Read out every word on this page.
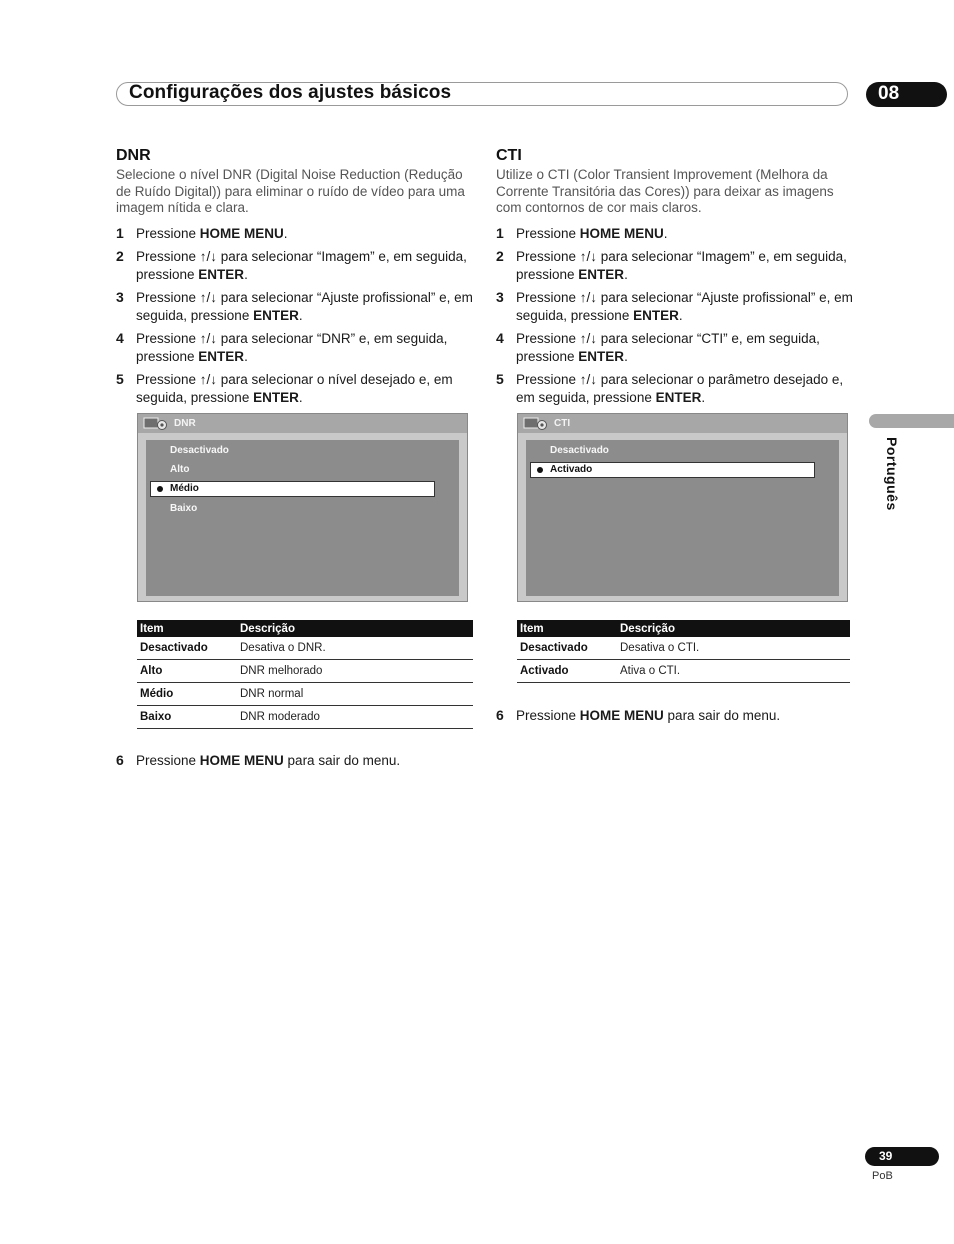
Configurações dos ajustes básicos	08
Português
DNR
Selecione o nível DNR (Digital Noise Reduction (Redução de Ruído Digital)) para eliminar o ruído de vídeo para uma imagem nítida e clara.
1 Pressione HOME MENU.
2 Pressione ↑/↓ para selecionar “Imagem” e, em seguida, pressione ENTER.
3 Pressione ↑/↓ para selecionar “Ajuste profissional” e, em seguida, pressione ENTER.
4 Pressione ↑/↓ para selecionar “DNR” e, em seguida, pressione ENTER.
5 Pressione ↑/↓ para selecionar o nível desejado e, em seguida, pressione ENTER.
DNR
Desactivado
Alto
Médio
Baixo
Item	Descrição
Desactivado	Desativa o DNR.
Alto	DNR melhorado
Médio	DNR normal
Baixo	DNR moderado
6 Pressione HOME MENU para sair do menu.
CTI
Utilize o CTI (Color Transient Improvement (Melhora da Corrente Transitória das Cores)) para deixar as imagens com contornos de cor mais claros.
1 Pressione HOME MENU.
2 Pressione ↑/↓ para selecionar “Imagem” e, em seguida, pressione ENTER.
3 Pressione ↑/↓ para selecionar “Ajuste profissional” e, em seguida, pressione ENTER.
4 Pressione ↑/↓ para selecionar “CTI” e, em seguida, pressione ENTER.
5 Pressione ↑/↓ para selecionar o parâmetro desejado e, em seguida, pressione ENTER.
CTI
Desactivado
Activado
Item	Descrição
Desactivado	Desativa o CTI.
Activado	Ativa o CTI.
6 Pressione HOME MENU para sair do menu.
39
PoB
